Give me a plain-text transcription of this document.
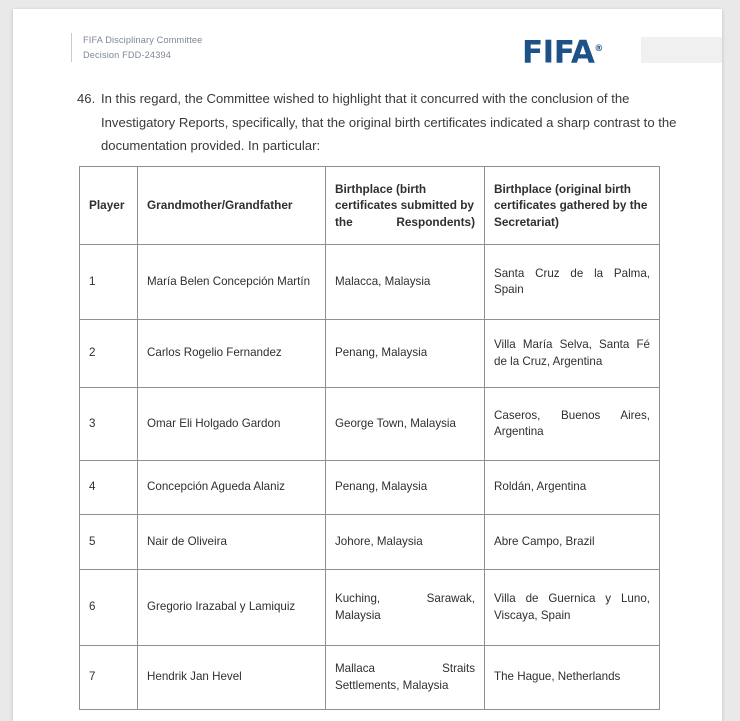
FIFA Disciplinary Committee
Decision FDD-24394	FIFA®
46. In this regard, the Committee wished to highlight that it concurred with the conclusion of the Investigatory Reports, specifically, that the original birth certificates indicated a sharp contrast to the documentation provided. In particular:
Player	Grandmother/Grandfather	Birthplace (birth certificates submitted by the Respondents)	Birthplace (original birth certificates gathered by the Secretariat)
1	María Belen Concepción Martín	Malacca, Malaysia	Santa Cruz de la Palma, Spain
2	Carlos Rogelio Fernandez	Penang, Malaysia	Villa María Selva, Santa Fé de la Cruz, Argentina
3	Omar Eli Holgado Gardon	George Town, Malaysia	Caseros, Buenos Aires, Argentina
4	Concepción Agueda Alaniz	Penang, Malaysia	Roldán, Argentina
5	Nair de Oliveira	Johore, Malaysia	Abre Campo, Brazil
6	Gregorio Irazabal y Lamiquiz	Kuching, Sarawak, Malaysia	Villa de Guernica y Luno, Viscaya, Spain
7	Hendrik Jan Hevel	Mallaca Straits Settlements, Malaysia	The Hague, Netherlands
